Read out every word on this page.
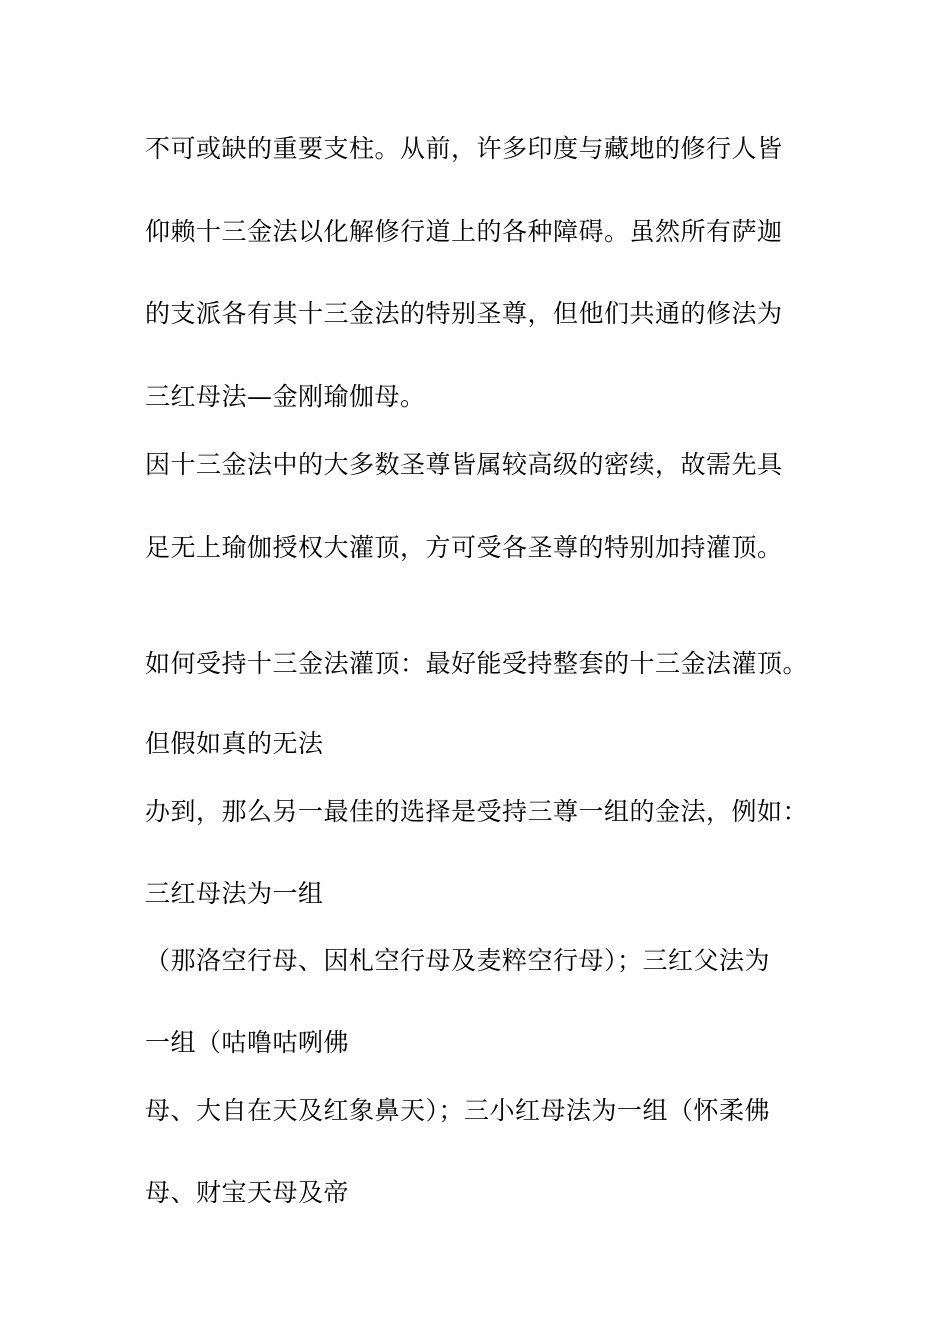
不可或缺的重要支柱。从前，许多印度与藏地的修行人皆
仰赖十三金法以化解修行道上的各种障碍。虽然所有萨迦
的支派各有其十三金法的特别圣尊，但他们共通的修法为
三红母法—金刚瑜伽母。
因十三金法中的大多数圣尊皆属较高级的密续，故需先具
足无上瑜伽授权大灌顶，方可受各圣尊的特别加持灌顶。
如何受持十三金法灌顶：最好能受持整套的十三金法灌顶。
但假如真的无法
办到，那么另一最佳的选择是受持三尊一组的金法，例如：
三红母法为一组
（那洛空行母、因札空行母及麦粹空行母）；三红父法为
一组（咕噜咕咧佛
母、大自在天及红象鼻天）；三小红母法为一组（怀柔佛
母、财宝天母及帝
